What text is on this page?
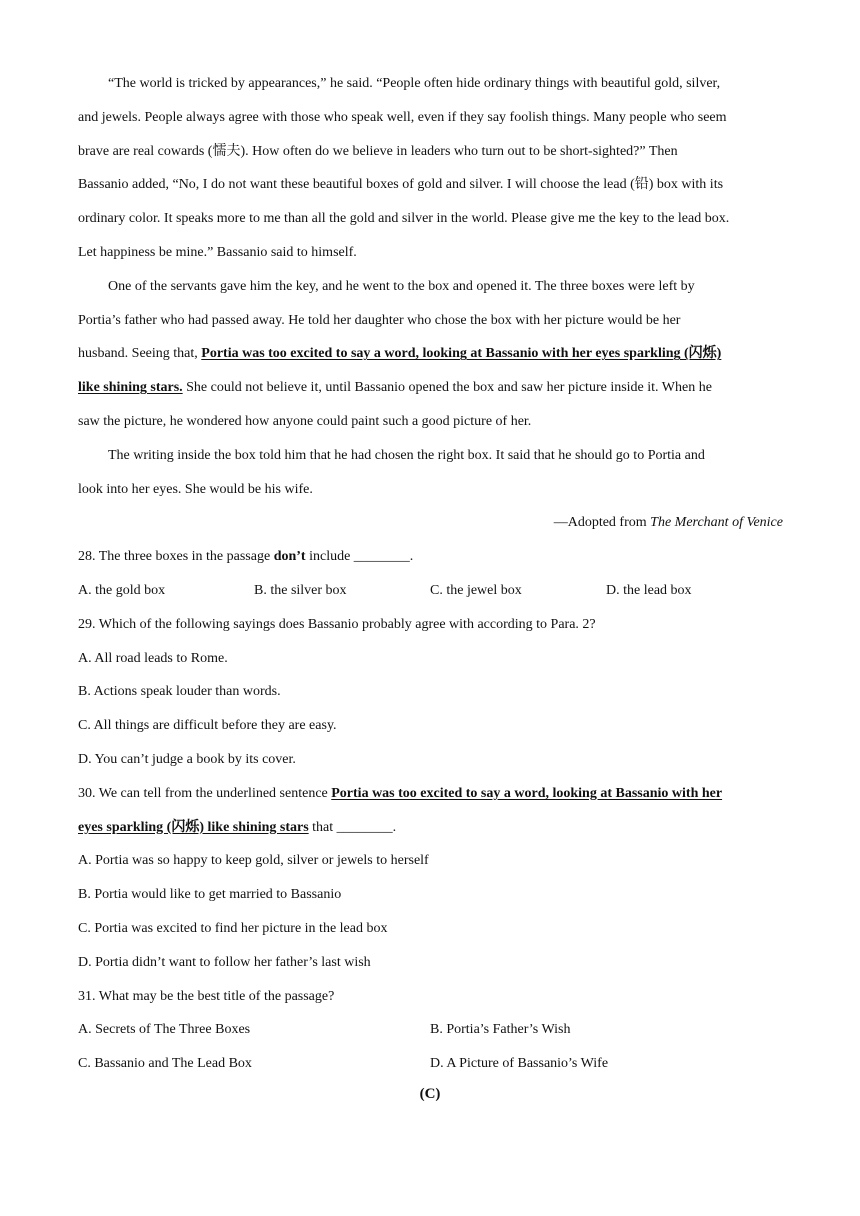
“The world is tricked by appearances,” he said. “People often hide ordinary things with beautiful gold, silver,
and jewels. People always agree with those who speak well, even if they say foolish things. Many people who seem
brave are real cowards (懦夫). How often do we believe in leaders who turn out to be short-sighted?” Then
Bassanio added, “No, I do not want these beautiful boxes of gold and silver. I will choose the lead (铅) box with its
ordinary color. It speaks more to me than all the gold and silver in the world. Please give me the key to the lead box.
Let happiness be mine.” Bassanio said to himself.
One of the servants gave him the key, and he went to the box and opened it. The three boxes were left by
Portia’s father who had passed away. He told her daughter who chose the box with her picture would be her
husband. Seeing that, Portia was too excited to say a word, looking at Bassanio with her eyes sparkling (闪烁)
like shining stars. She could not believe it, until Bassanio opened the box and saw her picture inside it. When he
saw the picture, he wondered how anyone could paint such a good picture of her.
The writing inside the box told him that he had chosen the right box. It said that he should go to Portia and
look into her eyes. She would be his wife.
—Adopted from The Merchant of Venice
28. The three boxes in the passage don’t include ________.
A. the gold box	B. the silver box	C. the jewel box	D. the lead box
29. Which of the following sayings does Bassanio probably agree with according to Para. 2?
A. All road leads to Rome.
B. Actions speak louder than words.
C. All things are difficult before they are easy.
D. You can’t judge a book by its cover.
30. We can tell from the underlined sentence Portia was too excited to say a word, looking at Bassanio with her
eyes sparkling (闪烁) like shining stars that ________.
A. Portia was so happy to keep gold, silver or jewels to herself
B. Portia would like to get married to Bassanio
C. Portia was excited to find her picture in the lead box
D. Portia didn’t want to follow her father’s last wish
31. What may be the best title of the passage?
A. Secrets of The Three Boxes	B. Portia’s Father’s Wish
C. Bassanio and The Lead Box	D. A Picture of Bassanio’s Wife
(C)
